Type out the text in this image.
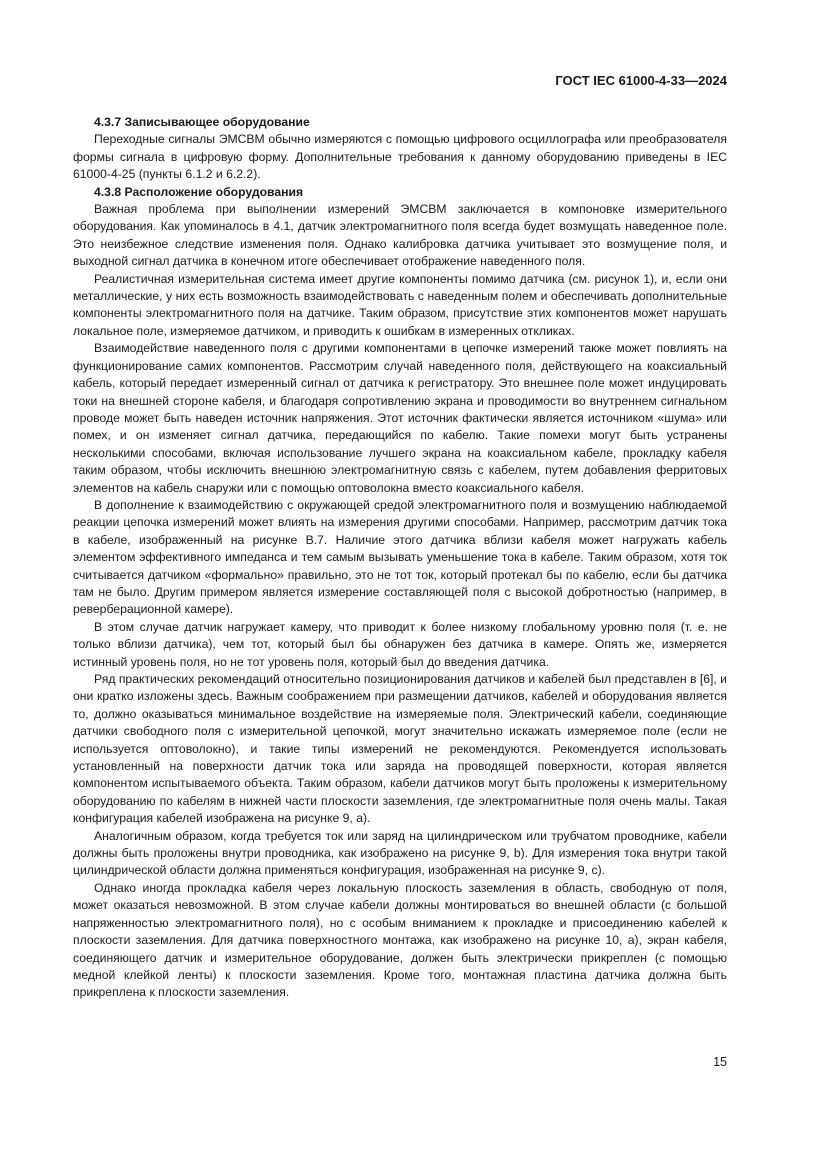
ГОСТ IEC 61000-4-33—2024
4.3.7 Записывающее оборудование

Переходные сигналы ЭМСВМ обычно измеряются с помощью цифрового осциллографа или преобразователя формы сигнала в цифровую форму. Дополнительные требования к данному оборудованию приведены в IEC 61000-4-25 (пункты 6.1.2 и 6.2.2).

4.3.8 Расположение оборудования

Важная проблема при выполнении измерений ЭМСВМ заключается в компоновке измерительного оборудования. Как упоминалось в 4.1, датчик электромагнитного поля всегда будет возмущать наведенное поле. Это неизбежное следствие изменения поля. Однако калибровка датчика учитывает это возмущение поля, и выходной сигнал датчика в конечном итоге обеспечивает отображение наведенного поля.

Реалистичная измерительная система имеет другие компоненты помимо датчика (см. рисунок 1), и, если они металлические, у них есть возможность взаимодействовать с наведенным полем и обеспечивать дополнительные компоненты электромагнитного поля на датчике. Таким образом, присутствие этих компонентов может нарушать локальное поле, измеряемое датчиком, и приводить к ошибкам в измеренных откликах.

Взаимодействие наведенного поля с другими компонентами в цепочке измерений также может повлиять на функционирование самих компонентов. Рассмотрим случай наведенного поля, действующего на коаксиальный кабель, который передает измеренный сигнал от датчика к регистратору. Это внешнее поле может индуцировать токи на внешней стороне кабеля, и благодаря сопротивлению экрана и проводимости во внутреннем сигнальном проводе может быть наведен источник напряжения. Этот источник фактически является источником «шума» или помех, и он изменяет сигнал датчика, передающийся по кабелю. Такие помехи могут быть устранены несколькими способами, включая использование лучшего экрана на коаксиальном кабеле, прокладку кабеля таким образом, чтобы исключить внешнюю электромагнитную связь с кабелем, путем добавления ферритовых элементов на кабель снаружи или с помощью оптоволокна вместо коаксиального кабеля.

В дополнение к взаимодействию с окружающей средой электромагнитного поля и возмущению наблюдаемой реакции цепочка измерений может влиять на измерения другими способами. Например, рассмотрим датчик тока в кабеле, изображенный на рисунке В.7. Наличие этого датчика вблизи кабеля может нагружать кабель элементом эффективного импеданса и тем самым вызывать уменьшение тока в кабеле. Таким образом, хотя ток считывается датчиком «формально» правильно, это не тот ток, который протекал бы по кабелю, если бы датчика там не было. Другим примером является измерение составляющей поля с высокой добротностью (например, в реверберационной камере).

В этом случае датчик нагружает камеру, что приводит к более низкому глобальному уровню поля (т. е. не только вблизи датчика), чем тот, который был бы обнаружен без датчика в камере. Опять же, измеряется истинный уровень поля, но не тот уровень поля, который был до введения датчика.

Ряд практических рекомендаций относительно позиционирования датчиков и кабелей был представлен в [6], и они кратко изложены здесь. Важным соображением при размещении датчиков, кабелей и оборудования является то, должно оказываться минимальное воздействие на измеряемые поля. Электрический кабели, соединяющие датчики свободного поля с измерительной цепочкой, могут значительно искажать измеряемое поле (если не используется оптоволокно), и такие типы измерений не рекомендуются. Рекомендуется использовать установленный на поверхности датчик тока или заряда на проводящей поверхности, которая является компонентом испытываемого объекта. Таким образом, кабели датчиков могут быть проложены к измерительному оборудованию по кабелям в нижней части плоскости заземления, где электромагнитные поля очень малы. Такая конфигурация кабелей изображена на рисунке 9, а).

Аналогичным образом, когда требуется ток или заряд на цилиндрическом или трубчатом проводнике, кабели должны быть проложены внутри проводника, как изображено на рисунке 9, b). Для измерения тока внутри такой цилиндрической области должна применяться конфигурация, изображенная на рисунке 9, с).

Однако иногда прокладка кабеля через локальную плоскость заземления в область, свободную от поля, может оказаться невозможной. В этом случае кабели должны монтироваться во внешней области (с большой напряженностью электромагнитного поля), но с особым вниманием к прокладке и присоединению кабелей к плоскости заземления. Для датчика поверхностного монтажа, как изображено на рисунке 10, а), экран кабеля, соединяющего датчик и измерительное оборудование, должен быть электрически прикреплен (с помощью медной клейкой ленты) к плоскости заземления. Кроме того, монтажная пластина датчика должна быть прикреплена к плоскости заземления.

15
